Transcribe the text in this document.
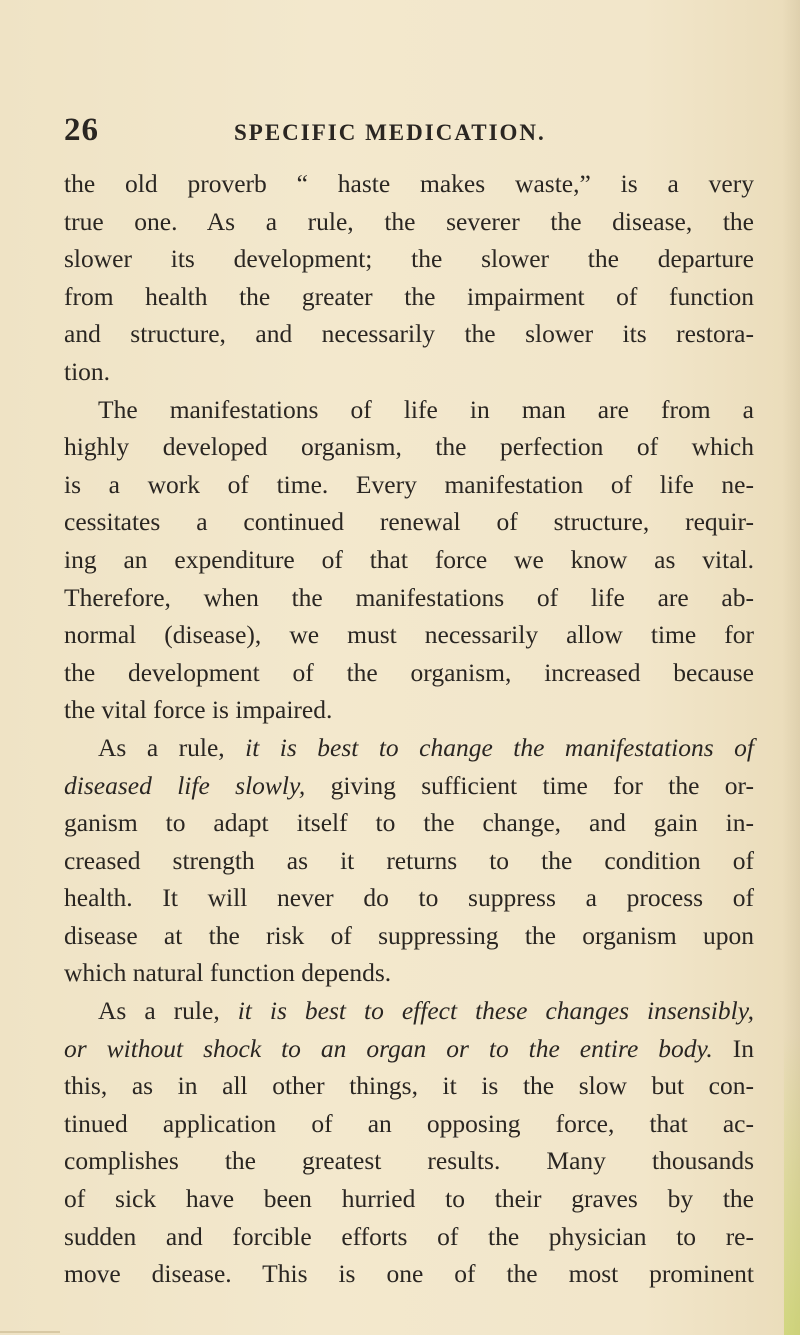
26	SPECIFIC MEDICATION.
the old proverb “ haste makes waste,” is a very
true one. As a rule, the severer the disease, the
slower its development; the slower the departure
from health the greater the impairment of function
and structure, and necessarily the slower its restora-
tion.
The manifestations of life in man are from a
highly developed organism, the perfection of which
is a work of time. Every manifestation of life ne-
cessitates a continued renewal of structure, requir-
ing an expenditure of that force we know as vital.
Therefore, when the manifestations of life are ab-
normal (disease), we must necessarily allow time for
the development of the organism, increased because
the vital force is impaired.
As a rule, it is best to change the manifestations of
diseased life slowly, giving sufficient time for the or-
ganism to adapt itself to the change, and gain in-
creased strength as it returns to the condition of
health. It will never do to suppress a process of
disease at the risk of suppressing the organism upon
which natural function depends.
As a rule, it is best to effect these changes insensibly,
or without shock to an organ or to the entire body. In
this, as in all other things, it is the slow but con-
tinued application of an opposing force, that ac-
complishes the greatest results. Many thousands
of sick have been hurried to their graves by the
sudden and forcible efforts of the physician to re-
move disease. This is one of the most prominent
